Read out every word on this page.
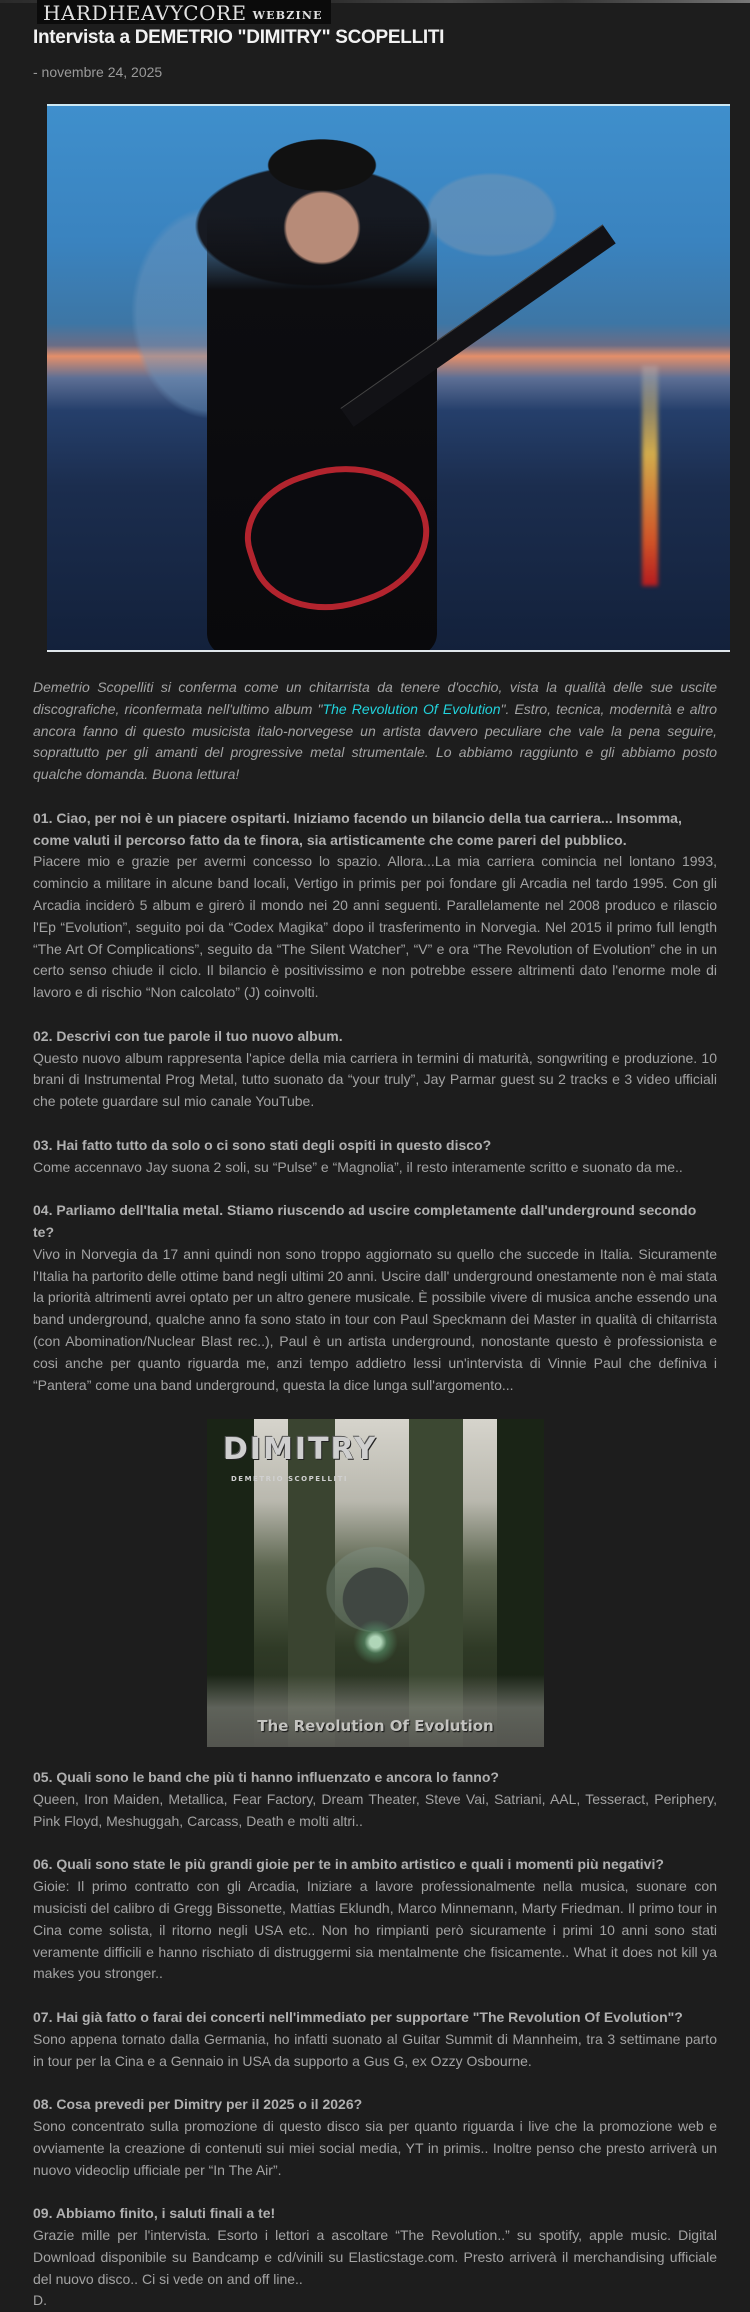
HARDHEAVYCORE WEBZINE
Intervista a DEMETRIO "DIMITRY" SCOPELLITI
- novembre 24, 2025

Demetrio Scopelliti si conferma come un chitarrista da tenere d'occhio, vista la qualità delle sue uscite discografiche, riconfermata nell'ultimo album "The Revolution Of Evolution". Estro, tecnica, modernità e altro ancora fanno di questo musicista italo-norvegese un artista davvero peculiare che vale la pena seguire, soprattutto per gli amanti del progressive metal strumentale. Lo abbiamo raggiunto e gli abbiamo posto qualche domanda. Buona lettura!

01. Ciao, per noi è un piacere ospitarti. Iniziamo facendo un bilancio della tua carriera... Insomma, come valuti il percorso fatto da te finora, sia artisticamente che come pareri del pubblico.

Piacere mio e grazie per avermi concesso lo spazio. Allora...La mia carriera comincia nel lontano 1993, comincio a militare in alcune band locali, Vertigo in primis per poi fondare gli Arcadia nel tardo 1995. Con gli Arcadia inciderò 5 album e girerò il mondo nei 20 anni seguenti. Parallelamente nel 2008 produco e rilascio l'Ep “Evolution”, seguito poi da “Codex Magika” dopo il trasferimento in Norvegia. Nel 2015 il primo full length “The Art Of Complications”, seguito da “The Silent Watcher”, “V” e ora “The Revolution of Evolution” che in un certo senso chiude il ciclo. Il bilancio è positivissimo e non potrebbe essere altrimenti dato l'enorme mole di lavoro e di rischio “Non calcolato” (J) coinvolti.

02. Descrivi con tue parole il tuo nuovo album.

Questo nuovo album rappresenta l'apice della mia carriera in termini di maturità, songwriting e produzione. 10 brani di Instrumental Prog Metal, tutto suonato da “your truly”, Jay Parmar guest su 2 tracks e 3 video ufficiali che potete guardare sul mio canale YouTube.

03. Hai fatto tutto da solo o ci sono stati degli ospiti in questo disco?

Come accennavo Jay suona 2 soli, su “Pulse” e “Magnolia”, il resto interamente scritto e suonato da me..

04. Parliamo dell'Italia metal. Stiamo riuscendo ad uscire completamente dall'underground secondo te?

Vivo in Norvegia da 17 anni quindi non sono troppo aggiornato su quello che succede in Italia. Sicuramente l'Italia ha partorito delle ottime band negli ultimi 20 anni. Uscire dall' underground onestamente non è mai stata la priorità altrimenti avrei optato per un altro genere musicale. È possibile vivere di musica anche essendo una band underground, qualche anno fa sono stato in tour con Paul Speckmann dei Master in qualità di chitarrista (con Abomination/Nuclear Blast rec..), Paul è un artista underground, nonostante questo è professionista e cosi anche per quanto riguarda me, anzi tempo addietro lessi un'intervista di Vinnie Paul che definiva i “Pantera” come una band underground, questa la dice lunga sull'argomento...

DIMITRY
DEMETRIO SCOPELLITI
The Revolution Of Evolution

05. Quali sono le band che più ti hanno influenzato e ancora lo fanno?

Queen, Iron Maiden, Metallica, Fear Factory, Dream Theater, Steve Vai, Satriani, AAL, Tesseract, Periphery, Pink Floyd, Meshuggah, Carcass, Death e molti altri..

06. Quali sono state le più grandi gioie per te in ambito artistico e quali i momenti più negativi?

Gioie: Il primo contratto con gli Arcadia, Iniziare a lavore professionalmente nella musica, suonare con musicisti del calibro di Gregg Bissonette, Mattias Eklundh, Marco Minnemann, Marty Friedman. Il primo tour in Cina come solista, il ritorno negli USA etc.. Non ho rimpianti però sicuramente i primi 10 anni sono stati veramente difficili e hanno rischiato di distruggermi sia mentalmente che fisicamente.. What it does not kill ya makes you stronger..

07. Hai già fatto o farai dei concerti nell'immediato per supportare "The Revolution Of Evolution"?

Sono appena tornato dalla Germania, ho infatti suonato al Guitar Summit di Mannheim, tra 3 settimane parto in tour per la Cina e a Gennaio in USA da supporto a Gus G, ex Ozzy Osbourne.

08. Cosa prevedi per Dimitry per il 2025 o il 2026?

Sono concentrato sulla promozione di questo disco sia per quanto riguarda i live che la promozione web e ovviamente la creazione di contenuti sui miei social media, YT in primis.. Inoltre penso che presto arriverà un nuovo videoclip ufficiale per “In The Air”.

09. Abbiamo finito, i saluti finali a te!

Grazie mille per l'intervista. Esorto i lettori a ascoltare “The Revolution..” su spotify, apple music. Digital Download disponibile su Bandcamp e cd/vinili su Elasticstage.com. Presto arriverà il merchandising ufficiale del nuovo disco.. Ci si vede on and off line..

D.
